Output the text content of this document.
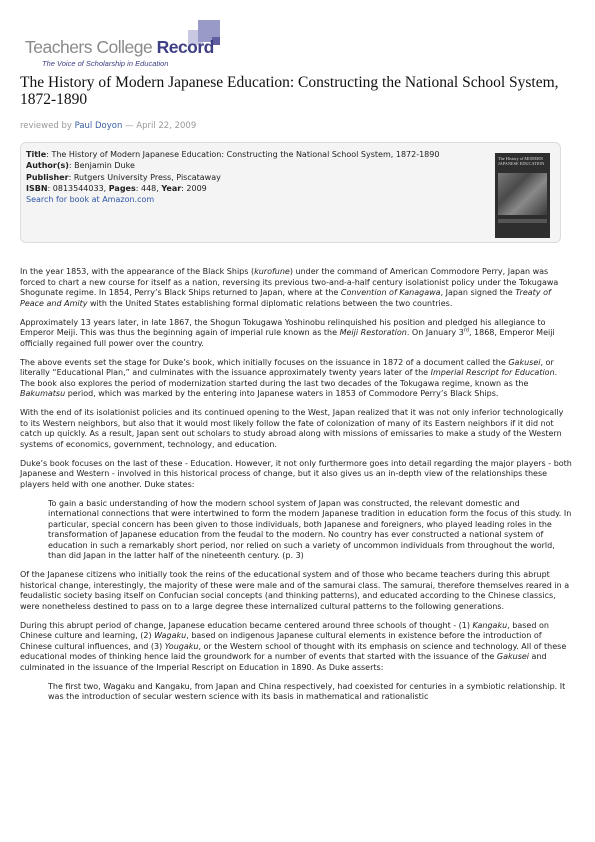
Teachers College Record
The Voice of Scholarship in Education
The History of Modern Japanese Education: Constructing the National School System, 1872-1890
reviewed by Paul Doyon — April 22, 2009
Title: The History of Modern Japanese Education: Constructing the National School System, 1872-1890
Author(s): Benjamin Duke
Publisher: Rutgers University Press, Piscataway
ISBN: 0813544033, Pages: 448, Year: 2009
Search for book at Amazon.com
The History of MODERN JAPANESE EDUCATION

In the year 1853, with the appearance of the Black Ships (kurofune) under the command of American Commodore Perry, Japan was forced to chart a new course for itself as a nation, reversing its previous two-and-a-half century isolationist policy under the Tokugawa Shogunate regime. In 1854, Perry’s Black Ships returned to Japan, where at the Convention of Kanagawa, Japan signed the Treaty of Peace and Amity with the United States establishing formal diplomatic relations between the two countries.

Approximately 13 years later, in late 1867, the Shogun Tokugawa Yoshinobu relinquished his position and pledged his allegiance to Emperor Meiji. This was thus the beginning again of imperial rule known as the Meiji Restoration. On January 3rd, 1868, Emperor Meiji officially regained full power over the country.

The above events set the stage for Duke’s book, which initially focuses on the issuance in 1872 of a document called the Gakusei, or literally “Educational Plan,” and culminates with the issuance approximately twenty years later of the Imperial Rescript for Education. The book also explores the period of modernization started during the last two decades of the Tokugawa regime, known as the Bakumatsu period, which was marked by the entering into Japanese waters in 1853 of Commodore Perry’s Black Ships.

With the end of its isolationist policies and its continued opening to the West, Japan realized that it was not only inferior technologically to its Western neighbors, but also that it would most likely follow the fate of colonization of many of its Eastern neighbors if it did not catch up quickly. As a result, Japan sent out scholars to study abroad along with missions of emissaries to make a study of the Western systems of economics, government, technology, and education.

Duke’s book focuses on the last of these - Education. However, it not only furthermore goes into detail regarding the major players - both Japanese and Western - involved in this historical process of change, but it also gives us an in-depth view of the relationships these players held with one another. Duke states:

To gain a basic understanding of how the modern school system of Japan was constructed, the relevant domestic and international connections that were intertwined to form the modern Japanese tradition in education form the focus of this study. In particular, special concern has been given to those individuals, both Japanese and foreigners, who played leading roles in the transformation of Japanese education from the feudal to the modern. No country has ever constructed a national system of education in such a remarkably short period, nor relied on such a variety of uncommon individuals from throughout the world, than did Japan in the latter half of the nineteenth century. (p. 3)

Of the Japanese citizens who initially took the reins of the educational system and of those who became teachers during this abrupt historical change, interestingly, the majority of these were male and of the samurai class. The samurai, therefore themselves reared in a feudalistic society basing itself on Confucian social concepts (and thinking patterns), and educated according to the Chinese classics, were nonetheless destined to pass on to a large degree these internalized cultural patterns to the following generations.

During this abrupt period of change, Japanese education became centered around three schools of thought - (1) Kangaku, based on Chinese culture and learning, (2) Wagaku, based on indigenous Japanese cultural elements in existence before the introduction of Chinese cultural influences, and (3) Yougaku, or the Western school of thought with its emphasis on science and technology. All of these educational modes of thinking hence laid the groundwork for a number of events that started with the issuance of the Gakusei and culminated in the issuance of the Imperial Rescript on Education in 1890. As Duke asserts:

The first two, Wagaku and Kangaku, from Japan and China respectively, had coexisted for centuries in a symbiotic relationship. It was the introduction of secular western science with its basis in mathematical and rationalistic
